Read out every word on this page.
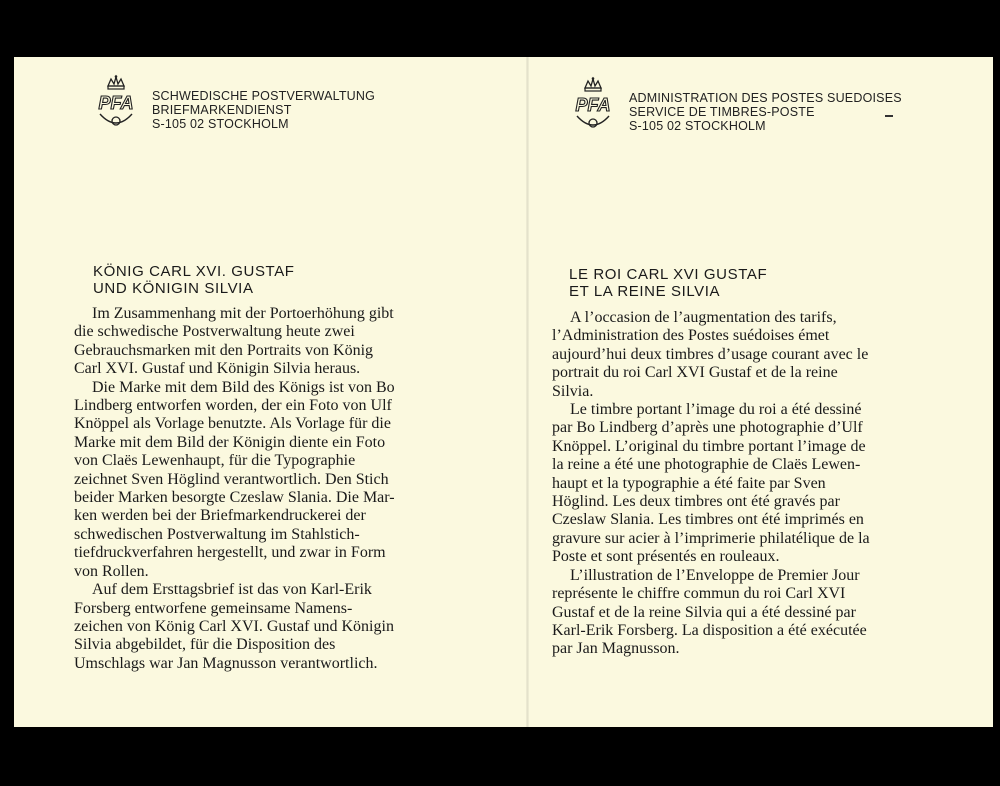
PFA SCHWEDISCHE POSTVERWALTUNG
BRIEFMARKENDIENST
S-105 02 STOCKHOLM
PFA ADMINISTRATION DES POSTES SUEDOISES
SERVICE DE TIMBRES-POSTE
S-105 02 STOCKHOLM
KÖNIG CARL XVI. GUSTAF
UND KÖNIGIN SILVIA
LE ROI CARL XVI GUSTAF
ET LA REINE SILVIA

Im Zusammenhang mit der Portoerhöhung gibt
die schwedische Postverwaltung heute zwei
Gebrauchsmarken mit den Portraits von König
Carl XVI. Gustaf und Königin Silvia heraus.

Die Marke mit dem Bild des Königs ist von Bo
Lindberg entworfen worden, der ein Foto von Ulf
Knöppel als Vorlage benutzte. Als Vorlage für die
Marke mit dem Bild der Königin diente ein Foto
von Claës Lewenhaupt, für die Typographie
zeichnet Sven Höglind verantwortlich. Den Stich
beider Marken besorgte Czeslaw Slania. Die Mar-
ken werden bei der Briefmarkendruckerei der
schwedischen Postverwaltung im Stahlstich-
tiefdruckverfahren hergestellt, und zwar in Form
von Rollen.

Auf dem Ersttagsbrief ist das von Karl-Erik
Forsberg entworfene gemeinsame Namens-
zeichen von König Carl XVI. Gustaf und Königin
Silvia abgebildet, für die Disposition des
Umschlags war Jan Magnusson verantwortlich.

A l’occasion de l’augmentation des tarifs,
l’Administration des Postes suédoises émet
aujourd’hui deux timbres d’usage courant avec le
portrait du roi Carl XVI Gustaf et de la reine
Silvia.

Le timbre portant l’image du roi a été dessiné
par Bo Lindberg d’après une photographie d’Ulf
Knöppel. L’original du timbre portant l’image de
la reine a été une photographie de Claës Lewen-
haupt et la typographie a été faite par Sven
Höglind. Les deux timbres ont été gravés par
Czeslaw Slania. Les timbres ont été imprimés en
gravure sur acier à l’imprimerie philatélique de la
Poste et sont présentés en rouleaux.

L’illustration de l’Enveloppe de Premier Jour
représente le chiffre commun du roi Carl XVI
Gustaf et de la reine Silvia qui a été dessiné par
Karl-Erik Forsberg. La disposition a été exécutée
par Jan Magnusson.
